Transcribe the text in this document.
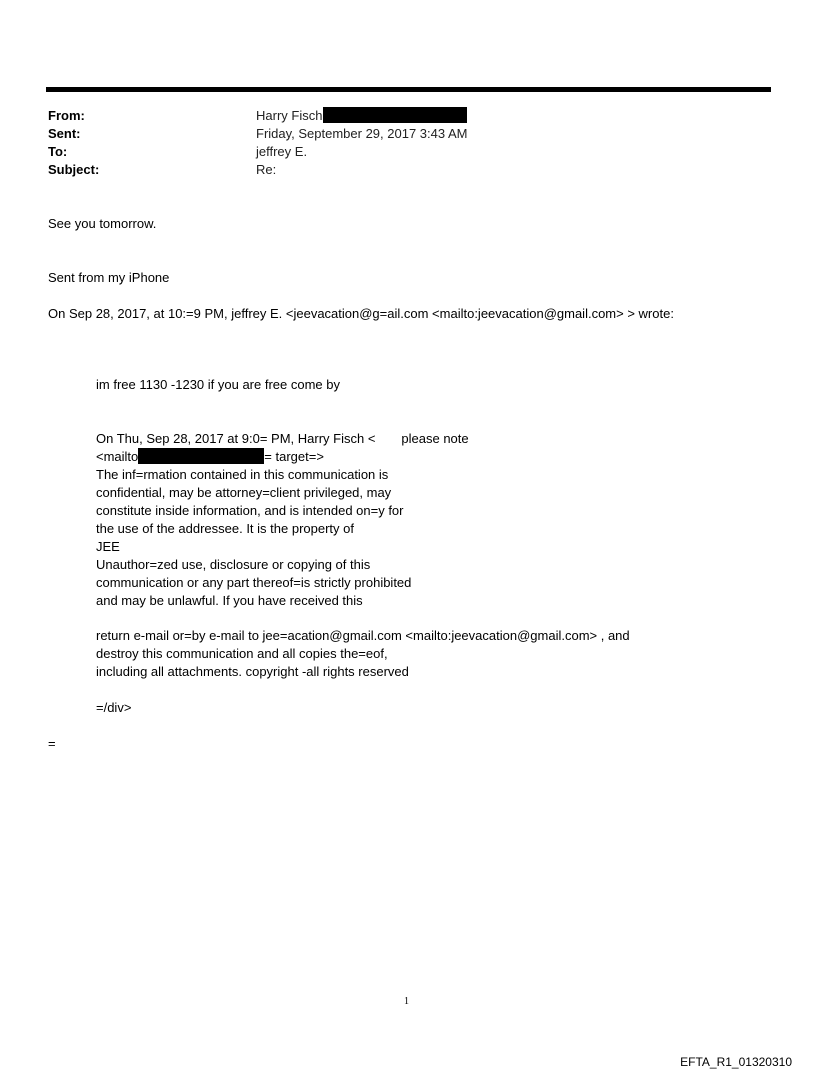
From:	Harry Fisch
Sent:	Friday, September 29, 2017 3:43 AM
To:	jeffrey E.
Subject:	Re:
See you tomorrow.
Sent from my iPhone
On Sep 28, 2017, at 10:=9 PM, jeffrey E. <jeevacation@g=ail.com <mailto:jeevacation@gmail.com> > wrote:
im free 1130 -1230 if you are free come by
On Thu, Sep 28, 2017 at 9:0= PM, Harry Fisch < please note
<mailto	= target=>
The inf=rmation contained in this communication is
confidential, may be attorney=client privileged, may
constitute inside information, and is intended on=y for
the use of the addressee. It is the property of
JEE
Unauthor=zed use, disclosure or copying of this
communication or any part thereof=is strictly prohibited
and may be unlawful. If you have received this
return e-mail or=by e-mail to jee=acation@gmail.com <mailto:jeevacation@gmail.com> , and
destroy this communication and all copies the=eof,
including all attachments. copyright -all rights reserved
=/div>
=
1
EFTA_R1_01320310
